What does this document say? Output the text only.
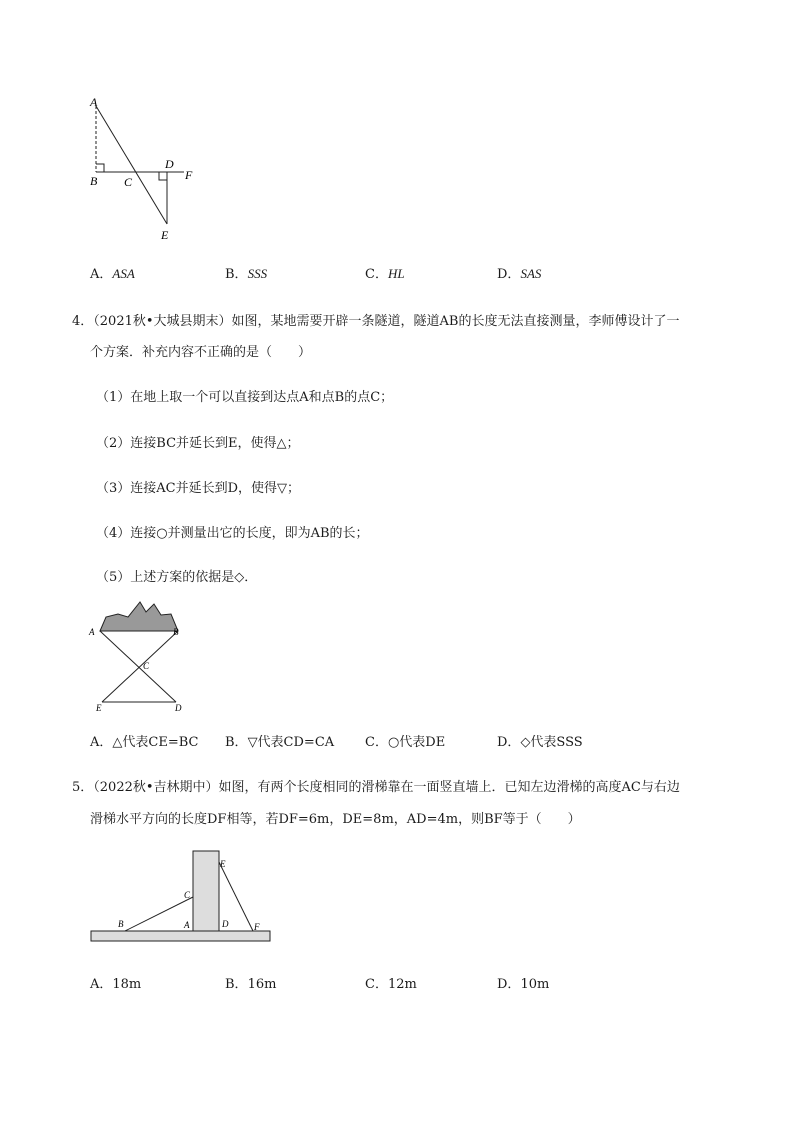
A
B C
D
F
E
A．ASA	B．SSS	C．HL	D．SAS
4．（2021秋•大城县期末）如图，某地需要开辟一条隧道，隧道AB的长度无法直接测量，李师傅设计了一
个方案．补充内容不正确的是（　　）
（1）在地上取一个可以直接到达点A和点B的点C；
（2）连接BC并延长到E，使得△；
（3）连接AC并延长到D，使得▽；
（4）连接○并测量出它的长度，即为AB的长；
（5）上述方案的依据是◇．
A	B
C
E	D
A．△代表CE=BC B．▽代表CD=CA C．○代表DE	D．◇代表SSS
5．（2022秋•吉林期中）如图，有两个长度相同的滑梯靠在一面竖直墙上．已知左边滑梯的高度AC与右边
滑梯水平方向的长度DF相等，若DF=6m，DE=8m，AD=4m，则BF等于（　　）
B	A
C
D
E
F
A．18m	B．16m	C．12m	D．10m
